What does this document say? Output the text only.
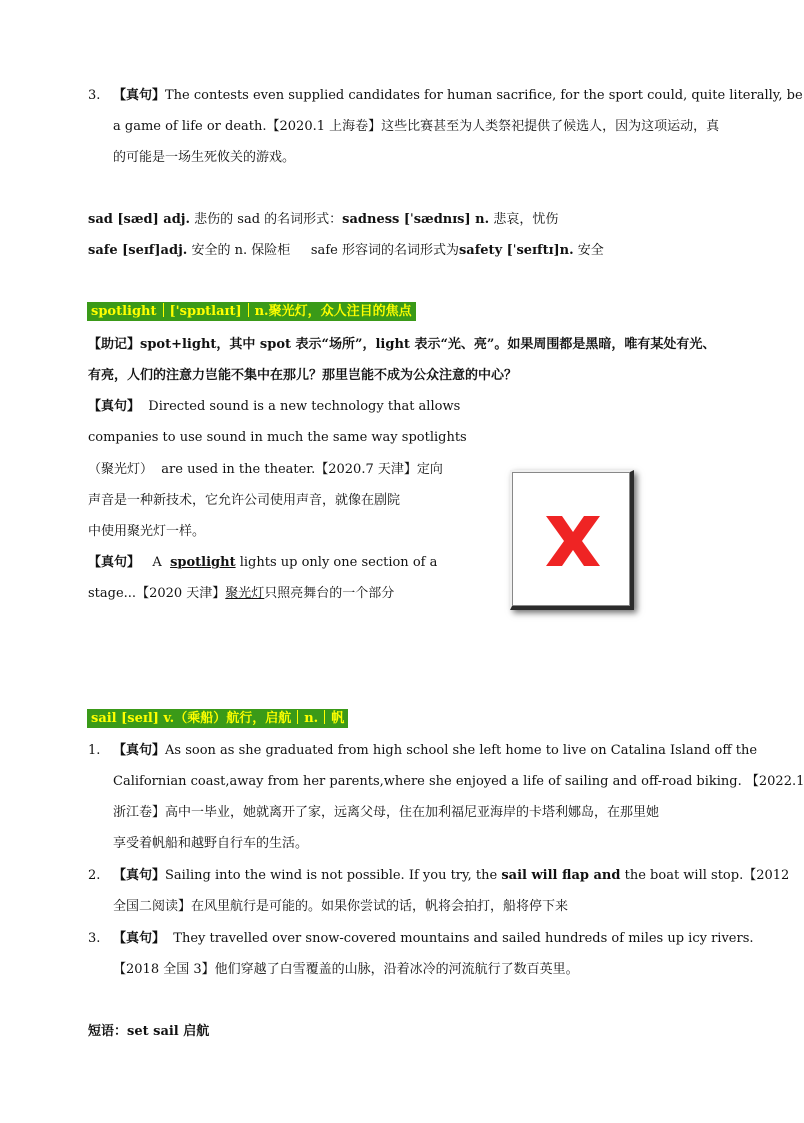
3. 【真句】The contests even supplied candidates for human sacrifice, for the sport could, quite literally, be
a game of life or death.【2020.1 上海卷】这些比赛甚至为人类祭祀提供了候选人，因为这项运动，真
的可能是一场生死攸关的游戏。
sad [sæd] adj. 悲伤的 sad 的名词形式：sadness [ˈsædnɪs] n. 悲哀，忧伤
safe [seɪf]adj. 安全的 n. 保险柜 safe 形容词的名词形式为safety [ˈseɪftɪ]n. 安全
spotlight ['spɒtlaɪt] n.聚光灯，众人注目的焦点
【助记】spot+light，其中 spot 表示“场所”，light 表示“光、亮”。如果周围都是黑暗，唯有某处有光、
有亮，人们的注意力岂能不集中在那儿？那里岂能不成为公众注意的中心？
【真句】 Directed sound is a new technology that allows
companies to use sound in much the same way spotlights
（聚光灯） are used in the theater.【2020.7 天津】定向
声音是一种新技术，它允许公司使用声音，就像在剧院
中使用聚光灯一样。
【真句】 A spotlight lights up only one section of a
stage...【2020 天津】聚光灯只照亮舞台的一个部分
sail [seɪl] v.（乘船）航行，启航 n. 帆
1. 【真句】As soon as she graduated from high school she left home to live on Catalina Island off the
Californian coast,away from her parents,where she enjoyed a life of sailing and off-road biking. 【2022.1
浙江卷】高中一毕业，她就离开了家，远离父母，住在加利福尼亚海岸的卡塔利娜岛，在那里她
享受着帆船和越野自行车的生活。
2. 【真句】Sailing into the wind is not possible. If you try, the sail will flap and the boat will stop.【2012
全国二阅读】在风里航行是可能的。如果你尝试的话，帆将会拍打，船将停下来
3. 【真句】 They travelled over snow-covered mountains and sailed hundreds of miles up icy rivers.
【2018 全国 3】他们穿越了白雪覆盖的山脉，沿着冰冷的河流航行了数百英里。
短语：set sail 启航
